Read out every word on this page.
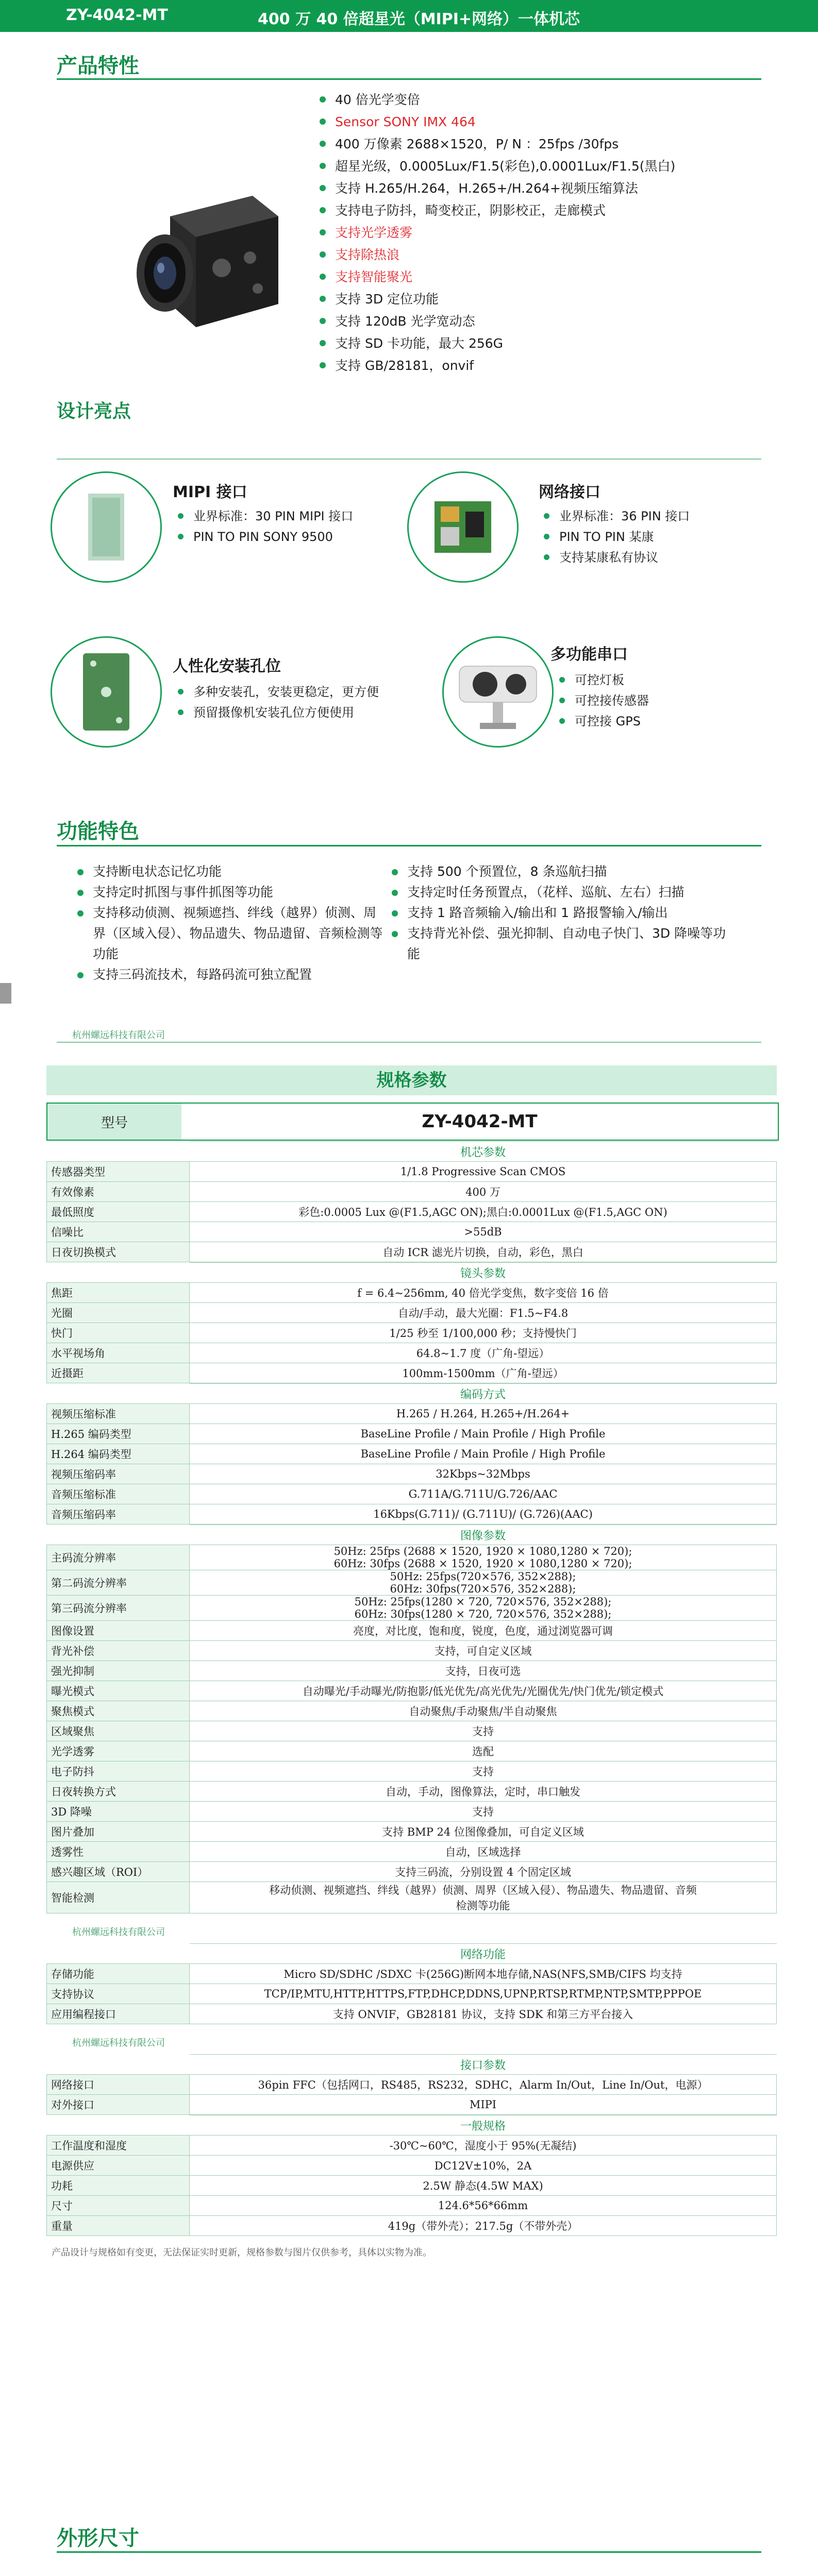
ZY-4042-MT	400 万 40 倍超星光（MIPI+网络）一体机芯
产品特性
设计亮点
40 倍光学变倍
Sensor SONY IMX 464
400 万像素 2688×1520，P/ N ：25fps /30fps
超星光级，0.0005Lux/F1.5(彩色),0.0001Lux/F1.5(黑白)
支持 H.265/H.264，H.265+/H.264+视频压缩算法
支持电子防抖，畸变校正，阴影校正，走廊模式
支持光学透雾
支持除热浪
支持智能聚光
支持 3D 定位功能
支持 120dB 光学宽动态
支持 SD 卡功能，最大 256G
支持 GB/28181，onvif
MIPI 接口
业界标准：30 PIN MIPI 接口
PIN TO PIN SONY 9500
网络接口
业界标准：36 PIN 接口
PIN TO PIN 某康
支持某康私有协议
人性化安装孔位
多种安装孔，安装更稳定，更方便
预留摄像机安装孔位方便使用
多功能串口
可控灯板
可控接传感器
可控接 GPS
功能特色
支持断电状态记忆功能
支持定时抓图与事件抓图等功能
支持移动侦测、视频遮挡、绊线（越界）侦测、周界（区域入侵）、物品遗失、物品遗留、音频检测等功能
支持三码流技术，每路码流可独立配置
支持 500 个预置位，8 条巡航扫描
支持定时任务预置点，（花样、巡航、左右）扫描
支持 1 路音频输入/输出和 1 路报警输入/输出
支持背光补偿、强光抑制、自动电子快门、3D 降噪等功能
杭州螺远科技有限公司
规格参数
型号	ZY-4042-MT
	机芯参数
传感器类型	1/1.8 Progressive Scan CMOS
有效像素	400 万
最低照度	彩色:0.0005 Lux @(F1.5,AGC ON);黑白:0.0001Lux @(F1.5,AGC ON)
信噪比	>55dB
日夜切换模式	自动 ICR 滤光片切换，自动，彩色，黑白
	镜头参数
焦距	f = 6.4~256mm, 40 倍光学变焦，数字变倍 16 倍
光圈	自动/手动，最大光圈：F1.5~F4.8
快门	1/25 秒至 1/100,000 秒；支持慢快门
水平视场角	64.8~1.7 度（广角-望远）
近摄距	100mm-1500mm（广角-望远）
	编码方式
视频压缩标准	H.265 / H.264, H.265+/H.264+
H.265 编码类型	BaseLine Profile / Main Profile / High Profile
H.264 编码类型	BaseLine Profile / Main Profile / High Profile
视频压缩码率	32Kbps~32Mbps
音频压缩标准	G.711A/G.711U/G.726/AAC
音频压缩码率	16Kbps(G.711)/ (G.711U)/ (G.726)(AAC)
	图像参数
主码流分辨率	50Hz: 25fps (2688 × 1520, 1920 × 1080,1280 × 720);
60Hz: 30fps (2688 × 1520, 1920 × 1080,1280 × 720);
第二码流分辨率	50Hz: 25fps(720×576, 352×288);
60Hz: 30fps(720×576, 352×288);
第三码流分辨率	50Hz: 25fps(1280 × 720, 720×576, 352×288);
60Hz: 30fps(1280 × 720, 720×576, 352×288);
图像设置	亮度，对比度，饱和度，锐度，色度，通过浏览器可调
背光补偿	支持，可自定义区域
强光抑制	支持，日夜可选
曝光模式	自动曝光/手动曝光/防抱影/低光优先/高光优先/光圈优先/快门优先/锁定模式
聚焦模式	自动聚焦/手动聚焦/半自动聚焦
区域聚焦	支持
光学透雾	选配
电子防抖	支持
日夜转换方式	自动，手动，图像算法，定时，串口触发
3D 降噪	支持
图片叠加	支持 BMP 24 位图像叠加，可自定义区域
透雾性	自动，区域选择
感兴趣区域（ROI）	支持三码流，分别设置 4 个固定区域
智能检测	移动侦测、视频遮挡、绊线（越界）侦测、周界（区域入侵）、物品遗失、物品遗留、音频
检测等功能
杭州螺远科技有限公司
	网络功能
存储功能	Micro SD/SDHC /SDXC 卡(256G)断网本地存储,NAS(NFS,SMB/CIFS 均支持
支持协议	TCP/IP,MTU,HTTP,HTTPS,FTP,DHCP,DDNS,UPNP,RTSP,RTMP,NTP,SMTP,PPPOE
应用编程接口	支持 ONVIF，GB28181 协议，支持 SDK 和第三方平台接入
杭州螺远科技有限公司
	接口参数
网络接口	36pin FFC（包括网口，RS485，RS232，SDHC，Alarm In/Out，Line In/Out，电源）
对外接口	MIPI
	一般规格
工作温度和湿度	-30℃~60℃，湿度小于 95%(无凝结)
电源供应	DC12V±10%，2A
功耗	2.5W 静态(4.5W MAX)
尺寸	124.6*56*66mm
重量	419g（带外壳）；217.5g（不带外壳）
产品设计与规格如有变更，无法保证实时更新，规格参数与图片仅供参考，具体以实物为准。
外形尺寸
